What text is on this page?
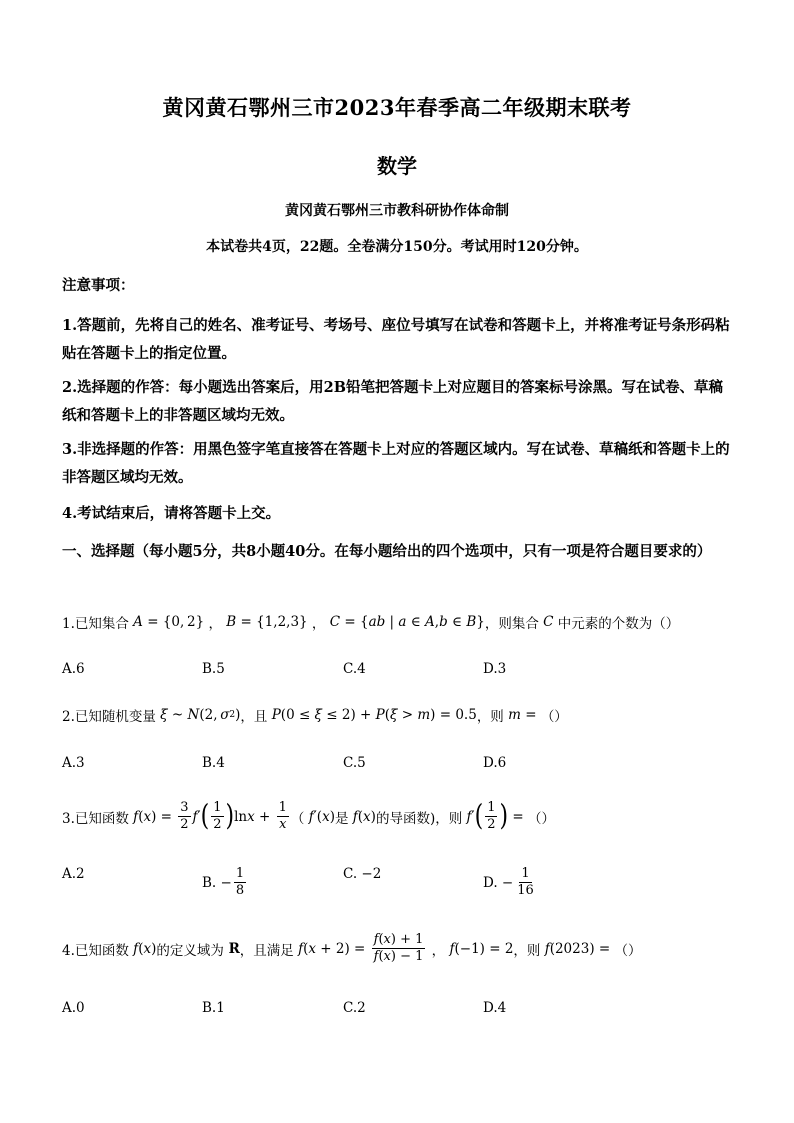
黄冈黄石鄂州三市2023年春季高二年级期末联考
数学
黄冈黄石鄂州三市教科研协作体命制
本试卷共4页，22题。全卷满分150分。考试用时120分钟。
注意事项：
1.答题前，先将自己的姓名、准考证号、考场号、座位号填写在试卷和答题卡上，并将准考证号条形码粘贴在答题卡上的指定位置。
2.选择题的作答：每小题选出答案后，用2B铅笔把答题卡上对应题目的答案标号涂黑。写在试卷、草稿纸和答题卡上的非答题区域均无效。
3.非选择题的作答：用黑色签字笔直接答在答题卡上对应的答题区域内。写在试卷、草稿纸和答题卡上的非答题区域均无效。
4.考试结束后，请将答题卡上交。
一、选择题（每小题5分，共8小题40分。在每小题给出的四个选项中，只有一项是符合题目要求的）
1.已知集合 A = {0, 2} ， B = {1,2,3} ， C = { ab | a ∈ A , b ∈ B } ，则集合 C 中元素的个数为（）
A.6	B.5	C.4	D.3
2.已知随机变量 ξ ~ N (2,  σ 2 ) ，且 P (0 ≤ ξ ≤ 2) + P ( ξ > m ) = 0.5 ，则 m = （）
A.3	B.4	C.5	D.6
3.已知函数 f ( x ) = $\frac{3}{2}$ f ′ ( $\frac{1}{2}$ ) $\ln x + \frac{1}{x}$ （ f ′( x ) 是 f ( x ) 的导函数)，则 f ′ ( $\frac{1}{2}$ ) = （）
A.2
B. − $\frac{1}{8}$	C. −2
D. − $\frac{1}{16}$
4.已知函数 f ( x ) 的定义域为 R ，且满足 f ( $x + 2) = \frac{f(x) + 1}{f(x) - 1}$ ， f (−1) = 2 ，则 f (2023) = （）
A.0	B.1	C.2	D.4
